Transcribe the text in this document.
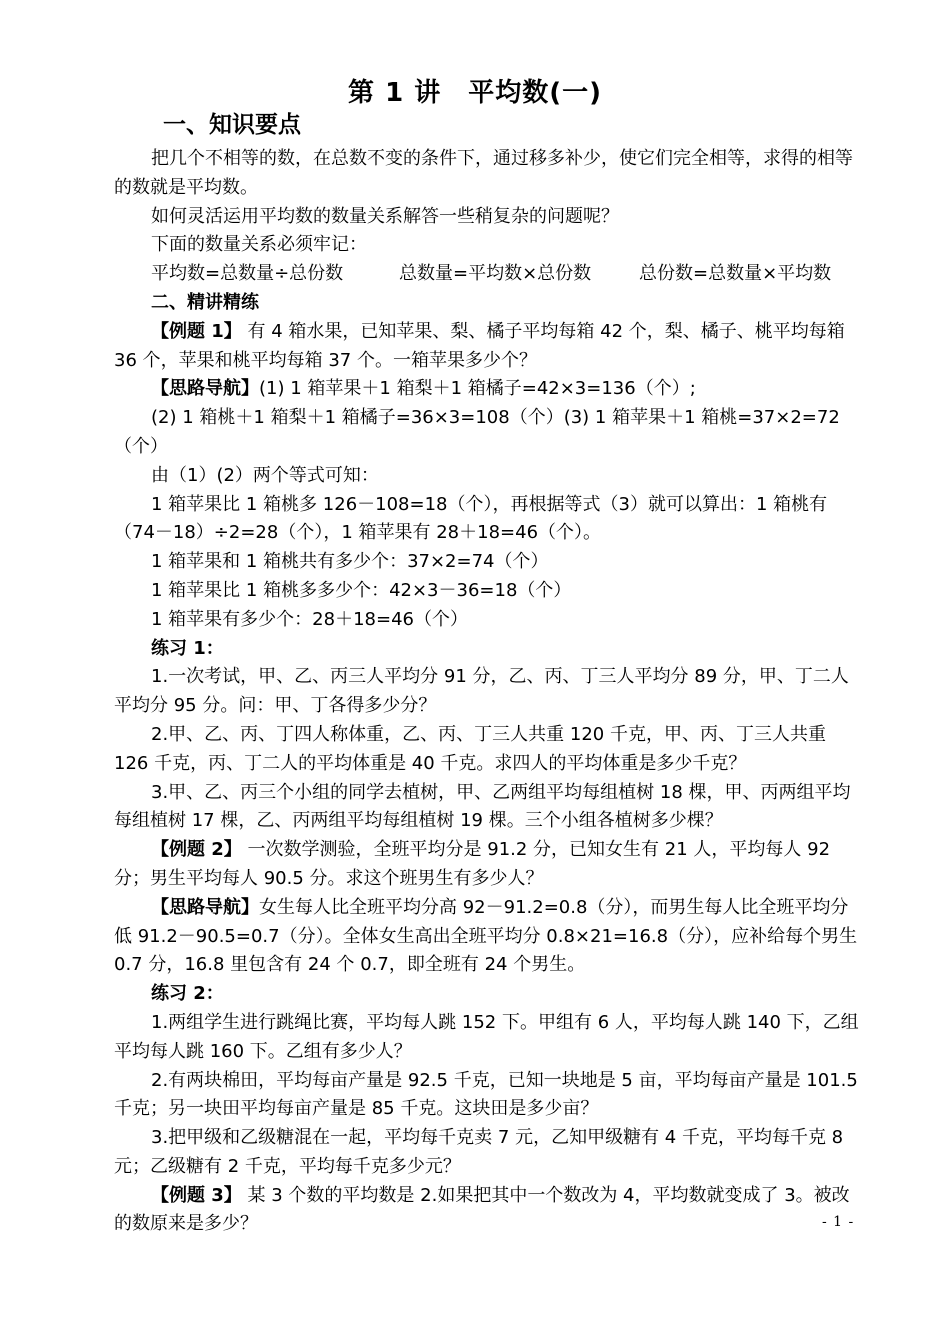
第 1 讲　平均数(一)
一、知识要点

把几个不相等的数，在总数不变的条件下，通过移多补少，使它们完全相等，求得的相等的数就是平均数。

如何灵活运用平均数的数量关系解答一些稍复杂的问题呢？

下面的数量关系必须牢记：

平均数=总数量÷总份数	总数量=平均数×总份数	总份数=总数量×平均数

二、精讲精练

【例题 1】 有 4 箱水果，已知苹果、梨、橘子平均每箱 42 个，梨、橘子、桃平均每箱 36 个，苹果和桃平均每箱 37 个。一箱苹果多少个？

【思路导航】(1) 1 箱苹果＋1 箱梨＋1 箱橘子=42×3=136（个）;

(2) 1 箱桃＋1 箱梨＋1 箱橘子=36×3=108（个）(3) 1 箱苹果＋1 箱桃=37×2=72（个）

由（1）(2）两个等式可知：

1 箱苹果比 1 箱桃多 126－108=18（个），再根据等式（3）就可以算出：1 箱桃有（74－18）÷2=28（个），1 箱苹果有 28＋18=46（个）。

1 箱苹果和 1 箱桃共有多少个：37×2=74（个）

1 箱苹果比 1 箱桃多多少个：42×3－36=18（个）

1 箱苹果有多少个：28＋18=46（个）

练习 1：

1.一次考试，甲、乙、丙三人平均分 91 分，乙、丙、丁三人平均分 89 分，甲、丁二人平均分 95 分。问：甲、丁各得多少分？

2.甲、乙、丙、丁四人称体重，乙、丙、丁三人共重 120 千克，甲、丙、丁三人共重 126 千克，丙、丁二人的平均体重是 40 千克。求四人的平均体重是多少千克？

3.甲、乙、丙三个小组的同学去植树，甲、乙两组平均每组植树 18 棵，甲、丙两组平均每组植树 17 棵，乙、丙两组平均每组植树 19 棵。三个小组各植树多少棵？

【例题 2】 一次数学测验，全班平均分是 91.2 分，已知女生有 21 人，平均每人 92 分；男生平均每人 90.5 分。求这个班男生有多少人？

【思路导航】女生每人比全班平均分高 92－91.2=0.8（分），而男生每人比全班平均分低 91.2－90.5=0.7（分）。全体女生高出全班平均分 0.8×21=16.8（分），应补给每个男生 0.7 分，16.8 里包含有 24 个 0.7，即全班有 24 个男生。

练习 2：

1.两组学生进行跳绳比赛，平均每人跳 152 下。甲组有 6 人，平均每人跳 140 下，乙组平均每人跳 160 下。乙组有多少人？

2.有两块棉田，平均每亩产量是 92.5 千克，已知一块地是 5 亩，平均每亩产量是 101.5 千克；另一块田平均每亩产量是 85 千克。这块田是多少亩？

3.把甲级和乙级糖混在一起，平均每千克卖 7 元，乙知甲级糖有 4 千克，平均每千克 8 元；乙级糖有 2 千克，平均每千克多少元？

【例题 3】 某 3 个数的平均数是 2.如果把其中一个数改为 4，平均数就变成了 3。被改的数原来是多少？	- 1 -
